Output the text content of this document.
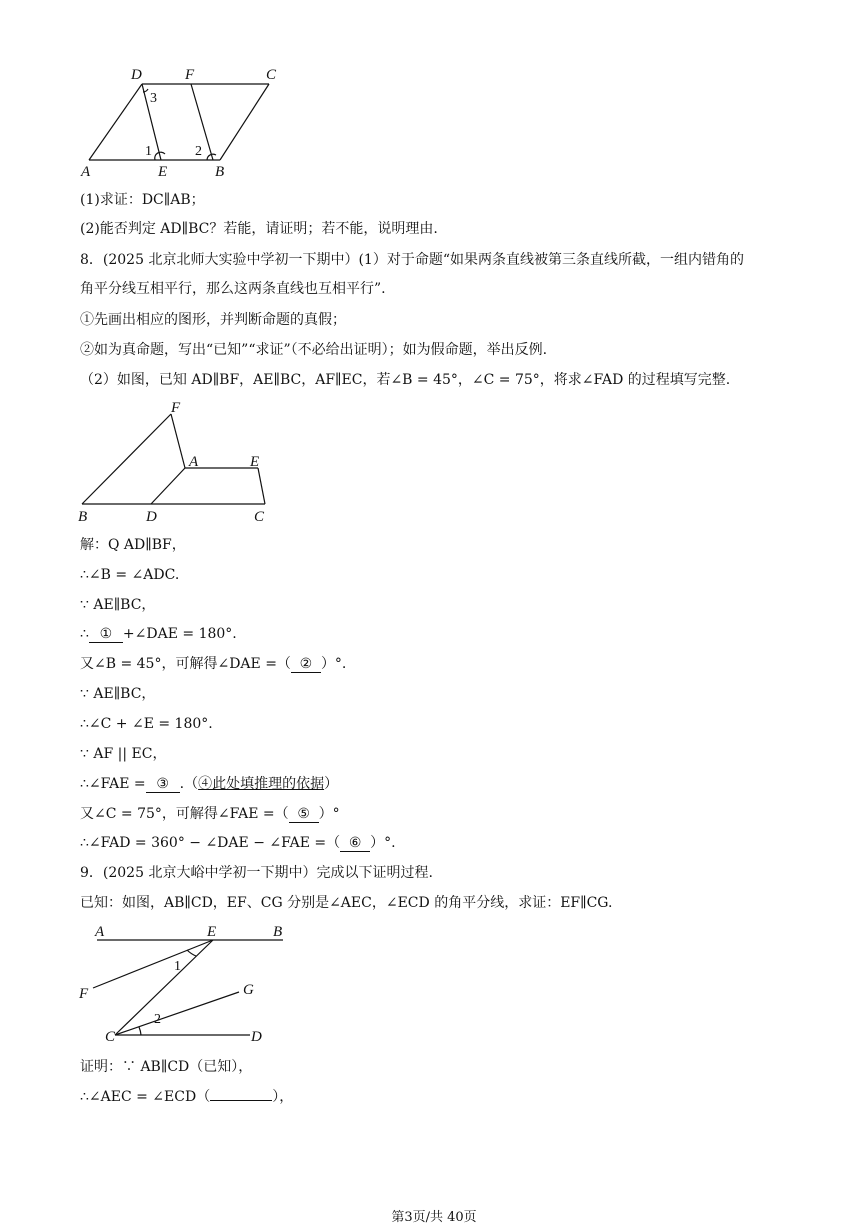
D	F	C
A	E	B
3
1	2
(1)求证：DC∥AB；
(2)能否判定 AD∥BC？若能，请证明；若不能，说明理由.
8．(2025 北京北师大实验中学初一下期中）(1）对于命题“如果两条直线被第三条直线所截，一组内错角的
角平分线互相平行，那么这两条直线也互相平行”.
①先画出相应的图形，并判断命题的真假；
②如为真命题，写出“已知”“求证”（不必给出证明）；如为假命题，举出反例.
（2）如图，已知 AD∥BF，AE∥BC，AF∥EC，若∠B = 45°，∠C = 75°，将求∠FAD 的过程填写完整.
F
A	E
B	D	C
解：Q AD∥BF，
∴∠B = ∠ADC.
∵ AE∥BC，
∴ ① +∠DAE = 180°.
又∠B = 45°，可解得∠DAE =（ ② ）°.
∵ AE∥BC，
∴∠C + ∠E = 180°.
∵ AF || EC，
∴∠FAE = ③ .（④此处填推理的依据）
又∠C = 75°，可解得∠FAE =（ ⑤ ）°
∴∠FAD = 360° − ∠DAE − ∠FAE =（ ⑥ ）°.
9．(2025 北京大峪中学初一下期中）完成以下证明过程.
已知：如图，AB∥CD，EF、CG 分别是∠AEC，∠ECD 的角平分线，求证：EF∥CG.
A	E	B
F	G
C	D
1
2
证明：∵ AB∥CD（已知），
∴∠AEC = ∠ECD（	），
第3页/共 40页
